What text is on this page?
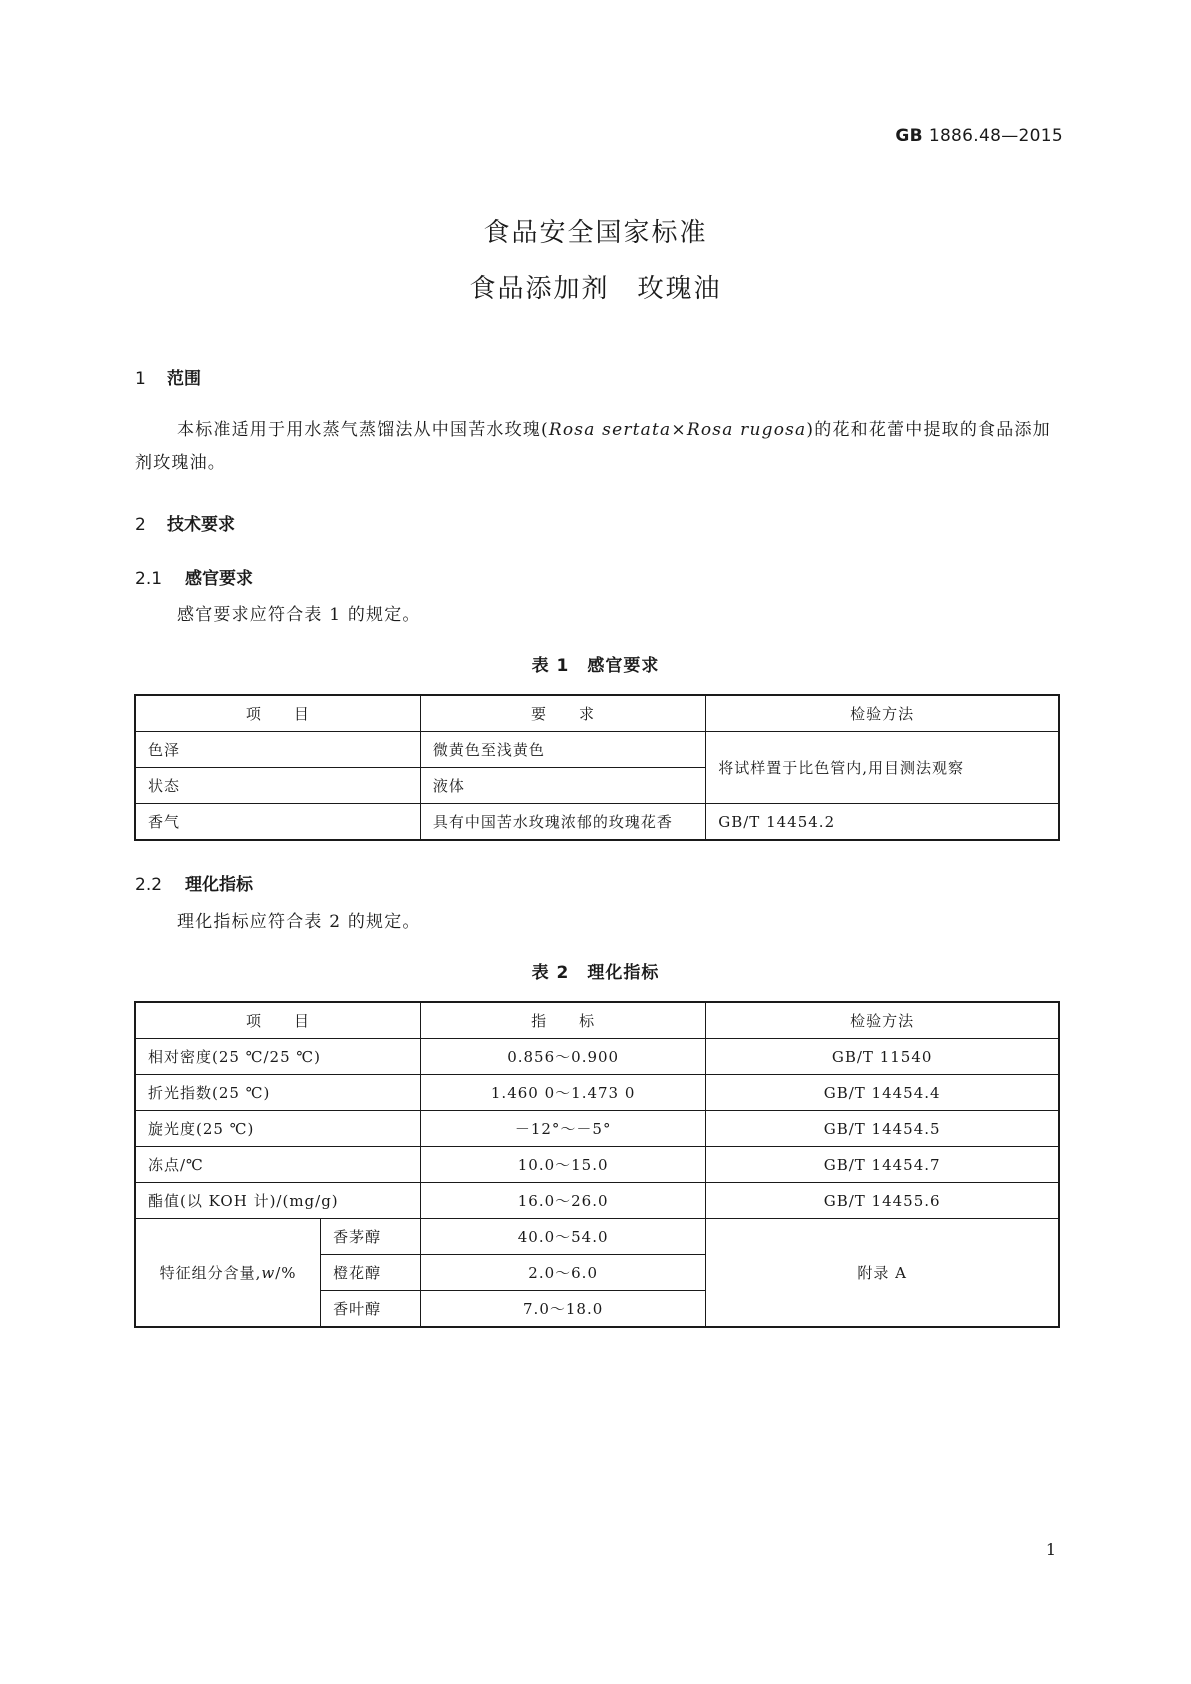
GB 1886.48—2015
食品安全国家标准
食品添加剂 玫瑰油
1 范围
本标准适用于用水蒸气蒸馏法从中国苦水玫瑰(Rosa sertata×Rosa rugosa)的花和花蕾中提取的食品添加剂玫瑰油。
2 技术要求
2.1 感官要求
感官要求应符合表 1 的规定。
表 1 感官要求
项　　目	要　　求	检验方法
色泽	微黄色至浅黄色	将试样置于比色管内,用目测法观察
状态	液体	
香气	具有中国苦水玫瑰浓郁的玫瑰花香	GB/T 14454.2
2.2 理化指标
理化指标应符合表 2 的规定。
表 2 理化指标
项　　目		指　　标	检验方法
相对密度(25 ℃/25 ℃)		0.856～0.900	GB/T 11540
折光指数(25 ℃)		1.460 0～1.473 0	GB/T 14454.4
旋光度(25 ℃)		－12°～－5°	GB/T 14454.5
冻点/℃		10.0～15.0	GB/T 14454.7
酯值(以 KOH 计)/(mg/g)		16.0～26.0	GB/T 14455.6
特征组分含量,w/%	香茅醇	40.0～54.0	附录 A
	橙花醇	2.0～6.0	
	香叶醇	7.0～18.0	
1
